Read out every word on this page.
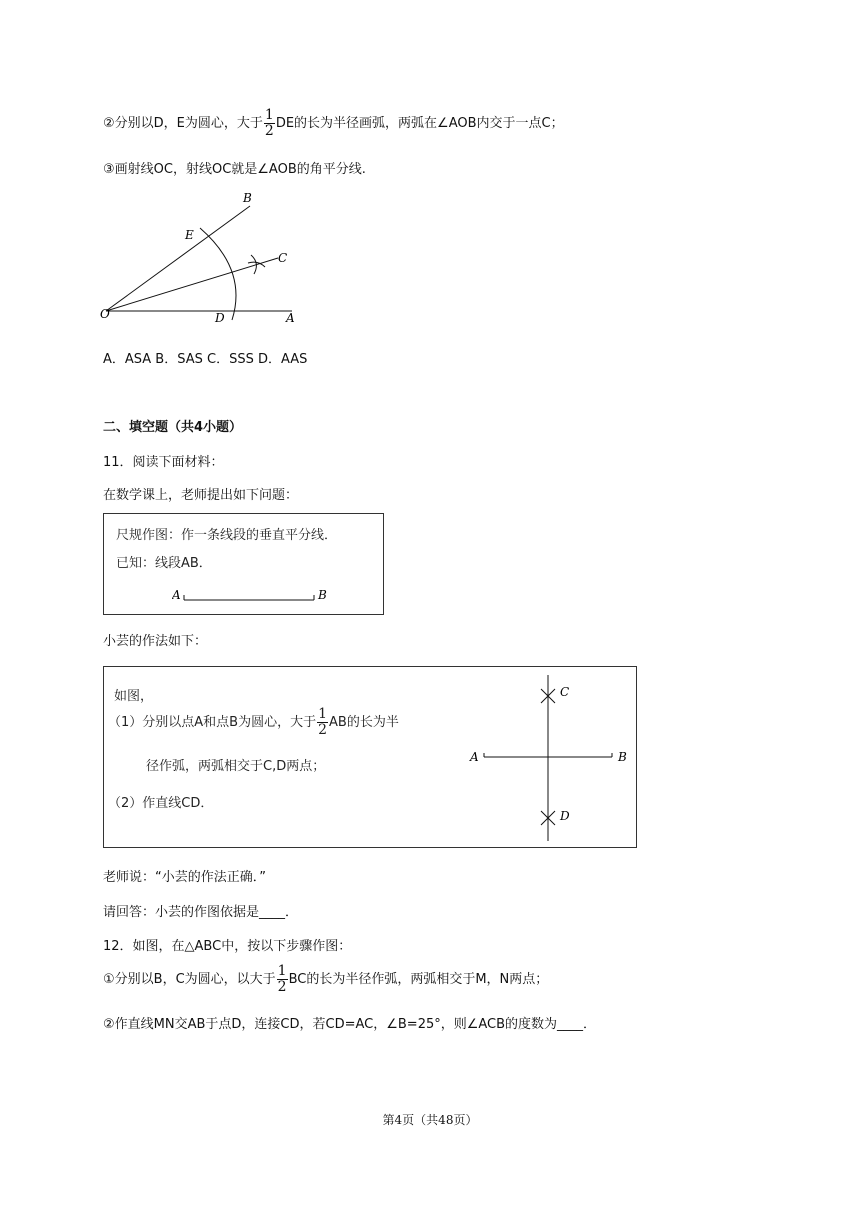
②分别以D，E为圆心，大于 $\frac{1}{2}$ DE的长为半径画弧，两弧在∠AOB内交于一点C；
③画射线OC，射线OC就是∠AOB的角平分线.
B
E
C
O	D	A
A．ASA B．SAS C．SSS D．AAS
二、填空题（共4小题）
11．阅读下面材料：
在数学课上，老师提出如下问题：
尺规作图：作一条线段的垂直平分线．
已知：线段AB．
A	B
小芸的作法如下：
如图，
（1）分别以点A和点B为圆心，大于 $\frac{1}{2}$ AB的长为半
径作弧，两弧相交于C,D两点；
（2）作直线CD．
C
D
A	B
老师说：“小芸的作法正确．”
请回答：小芸的作图依据是____．
12．如图，在△ABC中，按以下步骤作图：
①分别以B，C为圆心，以大于 $\frac{1}{2}$ BC的长为半径作弧，两弧相交于M，N两点；
②作直线MN交AB于点D，连接CD，若CD=AC，∠B=25°，则∠ACB的度数为____．
第4页（共48页）
